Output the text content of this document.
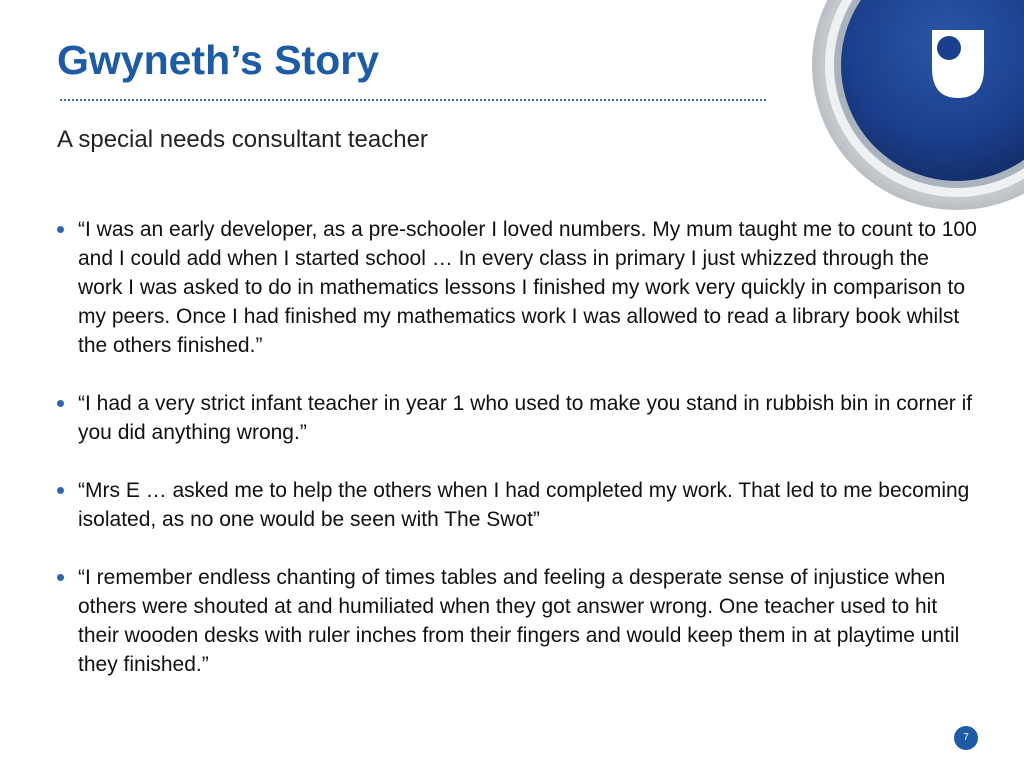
Gwyneth’s Story
A special needs consultant teacher
“I was an early developer, as a pre-schooler I loved numbers. My mum taught me to count to 100 and I could add when I started school … In every class in primary I just whizzed through the work I was asked to do in mathematics lessons I finished my work very quickly in comparison to my peers. Once I had finished my mathematics work I was allowed to read a library book whilst the others finished.”
“I had a very strict infant teacher in year 1 who used to make you stand in rubbish bin in corner if you did anything wrong.”
“Mrs E … asked me to help the others when I had completed my work. That led to me becoming isolated, as no one would be seen with The Swot”
“I remember endless chanting of times tables and feeling a desperate sense of injustice when others were shouted at and humiliated when they got answer wrong. One teacher used to hit their wooden desks with ruler inches from their fingers and would keep them in at playtime until they finished.”
7
